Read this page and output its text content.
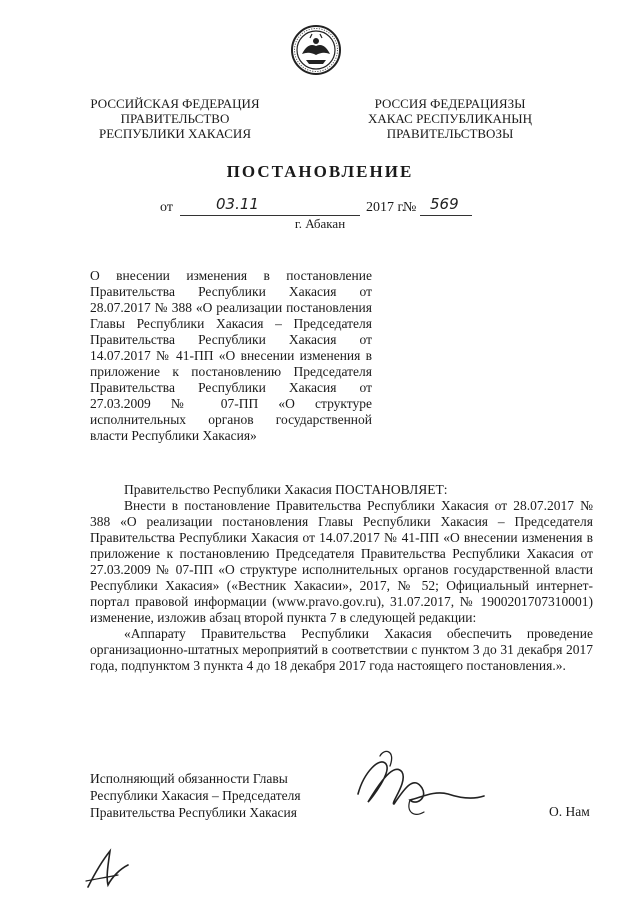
РОССИЙСКАЯ ФЕДЕРАЦИЯ
ПРАВИТЕЛЬСТВО
РЕСПУБЛИКИ ХАКАСИЯ
РОССИЯ ФЕДЕРАЦИЯЗЫ
ХАКАС РЕСПУБЛИКАНЫҢ
ПРАВИТЕЛЬСТВОЗЫ
ПОСТАНОВЛЕНИЕ
от	03.11	2017 г.
№ 569
г. Абакан
О внесении изменения в постановление Правительства Республики Хакасия от 28.07.2017 № 388 «О реализации постановления Главы Республики Хакасия – Председателя Правительства Республики Хакасия от 14.07.2017 № 41-ПП «О внесении изменения в приложение к постановлению Председателя Правительства Республики Хакасия от 27.03.2009 № 07-ПП «О структуре исполнительных органов государственной власти Республики Хакасия»

Правительство Республики Хакасия ПОСТАНОВЛЯЕТ:

Внести в постановление Правительства Республики Хакасия от 28.07.2017 № 388 «О реализации постановления Главы Республики Хакасия – Председателя Правительства Республики Хакасия от 14.07.2017 № 41-ПП «О внесении изменения в приложение к постановлению Председателя Правительства Республики Хакасия от 27.03.2009 № 07-ПП «О структуре исполнительных органов государственной власти Республики Хакасия» («Вестник Хакасии», 2017, № 52; Официальный интернет-портал правовой информации (www.pravo.gov.ru), 31.07.2017, № 1900201707310001) изменение, изложив абзац второй пункта 7 в следующей редакции:

«Аппарату Правительства Республики Хакасия обеспечить проведение организационно-штатных мероприятий в соответствии с пунктом 3 до 31 декабря 2017 года, подпунктом 3 пункта 4 до 18 декабря 2017 года настоящего постановления.».

Исполняющий обязанности Главы
Республики Хакасия – Председателя
Правительства Республики Хакасия	О. Нам
